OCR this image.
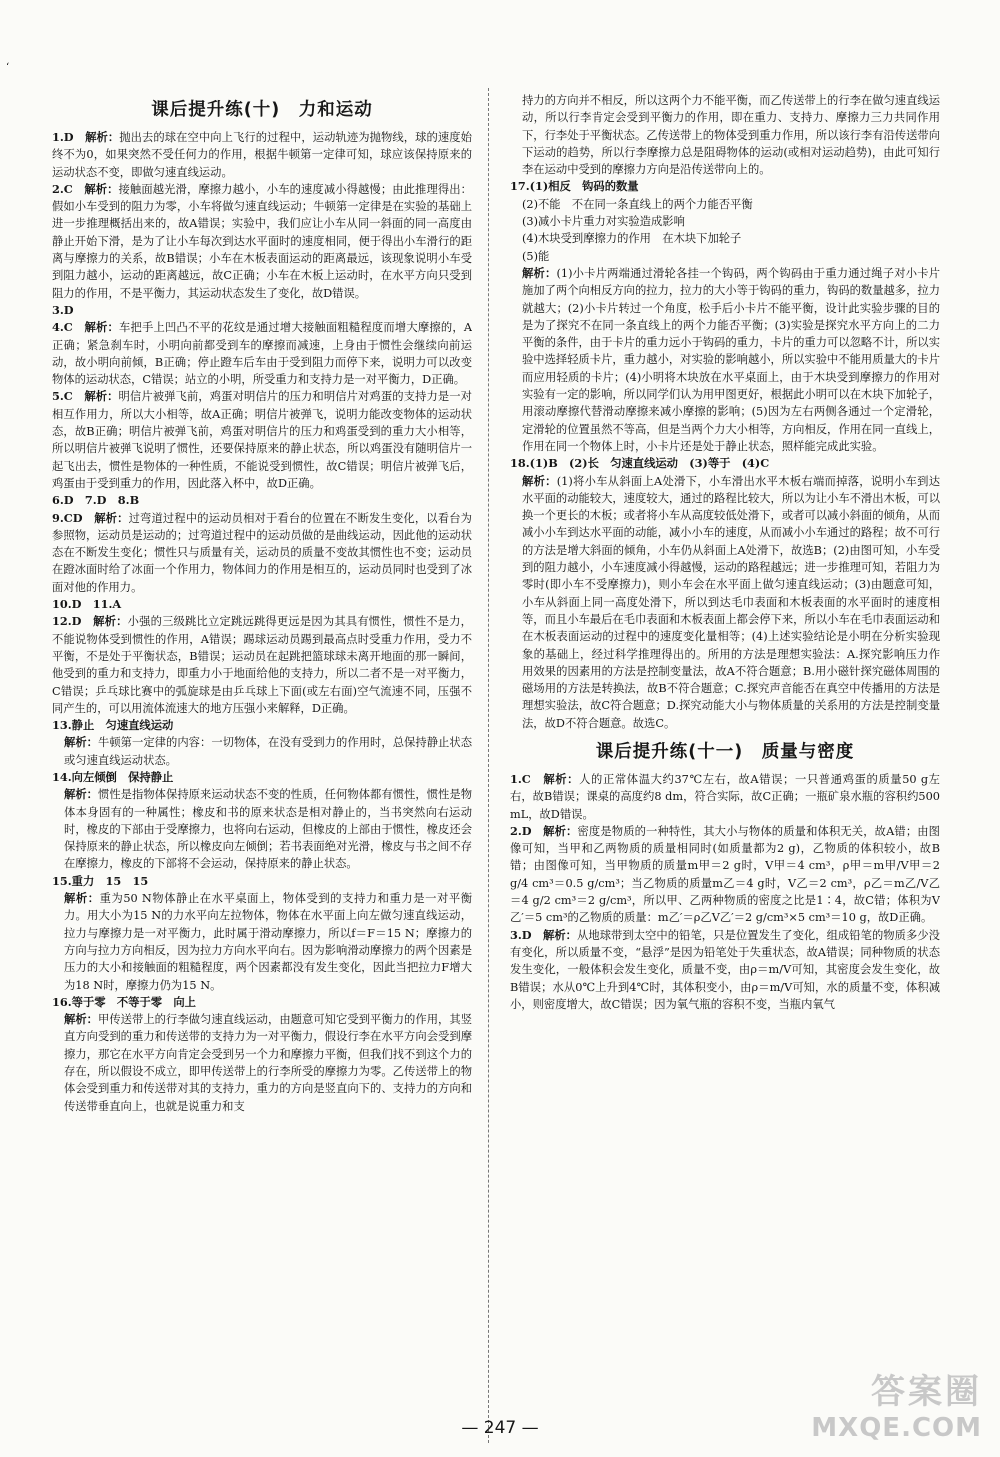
‘
课后提升练(十)　力和运动

1.D　 解析：抛出去的球在空中向上飞行的过程中，运动轨迹为抛物线，球的速度始终不为0，如果突然不受任何力的作用，根据牛顿第一定律可知，球应该保持原来的运动状态不变，即做匀速直线运动。

2.C　 解析：接触面越光滑，摩擦力越小，小车的速度减小得越慢；由此推理得出：假如小车受到的阻力为零，小车将做匀速直线运动；牛顿第一定律是在实验的基础上进一步推理概括出来的，故A错误；实验中，我们应让小车从同一斜面的同一高度由静止开始下滑，是为了让小车每次到达水平面时的速度相同，便于得出小车滑行的距离与摩擦力的关系，故B错误；小车在木板表面运动的距离最远，该现象说明小车受到阻力越小，运动的距离越远，故C正确；小车在木板上运动时，在水平方向只受到阻力的作用，不是平衡力，其运动状态发生了变化，故D错误。

3.D

4.C　 解析：车把手上凹凸不平的花纹是通过增大接触面粗糙程度而增大摩擦的，A正确；紧急刹车时，小明向前都受到车的摩擦而减速，上身由于惯性会继续向前运动，故小明向前倾，B正确；停止蹬车后车由于受到阻力而停下来，说明力可以改变物体的运动状态，C错误；站立的小明，所受重力和支持力是一对平衡力，D正确。

5.C　 解析：明信片被弹飞前，鸡蛋对明信片的压力和明信片对鸡蛋的支持力是一对相互作用力，所以大小相等，故A正确；明信片被弹飞，说明力能改变物体的运动状态，故B正确；明信片被弹飞前，鸡蛋对明信片的压力和鸡蛋受到的重力大小相等，所以明信片被弹飞说明了惯性，还要保持原来的静止状态，所以鸡蛋没有随明信片一起飞出去，惯性是物体的一种性质，不能说受到惯性，故C错误；明信片被弹飞后，鸡蛋由于受到重力的作用，因此落入杯中，故D正确。

6.D　7.D　8.B

9.CD　 解析：过弯道过程中的运动员相对于看台的位置在不断发生变化，以看台为参照物，运动员是运动的；过弯道过程中的运动员做的是曲线运动，因此他的运动状态在不断发生变化；惯性只与质量有关，运动员的质量不变故其惯性也不变；运动员在蹬冰面时给了冰面一个作用力，物体间力的作用是相互的，运动员同时也受到了冰面对他的作用力。

10.D　11.A

12.D　 解析：小强的三级跳比立定跳远跳得更远是因为其具有惯性，惯性不是力，不能说物体受到惯性的作用，A错误；踢球运动员踢到最高点时受重力作用，受力不平衡，不是处于平衡状态，B错误；运动员在起跳把篮球球未离开地面的那一瞬间，他受到的重力和支持力，即重力小于地面给他的支持力，所以二者不是一对平衡力，C错误；乒乓球比赛中的弧旋球是由乒乓球上下面(或左右面)空气流速不同，压强不同产生的，可以用流体流速大的地方压强小来解释，D正确。

13.静止　匀速直线运动

解析：牛顿第一定律的内容：一切物体，在没有受到力的作用时，总保持静止状态或匀速直线运动状态。

14.向左倾倒　保持静止

解析：惯性是指物体保持原来运动状态不变的性质，任何物体都有惯性，惯性是物体本身固有的一种属性；橡皮和书的原来状态是相对静止的，当书突然向右运动时，橡皮的下部由于受摩擦力，也将向右运动，但橡皮的上部由于惯性，橡皮还会保持原来的静止状态，所以橡皮向左倾倒；若书表面绝对光滑，橡皮与书之间不存在摩擦力，橡皮的下部将不会运动，保持原来的静止状态。

15.重力　15　15

解析：重为50 N物体静止在水平桌面上，物体受到的支持力和重力是一对平衡力。用大小为15 N的力水平向左拉物体，物体在水平面上向左做匀速直线运动，拉力与摩擦力是一对平衡力，此时属于滑动摩擦力，所以f＝F＝15 N；摩擦力的方向与拉力方向相反，因为拉力方向水平向右。因为影响滑动摩擦力的两个因素是压力的大小和接触面的粗糙程度，两个因素都没有发生变化，因此当把拉力F增大为18 N时，摩擦力仍为15 N。

16.等于零　不等于零　向上

解析：甲传送带上的行李做匀速直线运动，由题意可知它受到平衡力的作用，其竖直方向受到的重力和传送带的支持力为一对平衡力，假设行李在水平方向会受到摩擦力，那它在水平方向肯定会受到另一个力和摩擦力平衡，但我们找不到这个力的存在，所以假设不成立，即甲传送带上的行李所受的摩擦力为零。乙传送带上的物体会受到重力和传送带对其的支持力，重力的方向是竖直向下的、支持力的方向和传送带垂直向上，也就是说重力和支

持力的方向并不相反，所以这两个力不能平衡，而乙传送带上的行李在做匀速直线运动，所以行李肯定会受到平衡力的作用，即在重力、支持力、摩擦力三力共同作用下，行李处于平衡状态。乙传送带上的物体受到重力作用，所以该行李有沿传送带向下运动的趋势，所以行李摩擦力总是阻碍物体的运动(或相对运动趋势)，由此可知行李在运动中受到的摩擦力方向是沿传送带向上的。

17.(1)相反　钩码的数量

(2)不能　不在同一条直线上的两个力能否平衡

(3)减小卡片重力对实验造成影响

(4)木块受到摩擦力的作用　在木块下加轮子

(5)能

解析：(1)小卡片两端通过滑轮各挂一个钩码，两个钩码由于重力通过绳子对小卡片施加了两个向相反方向的拉力，拉力的大小等于钩码的重力，钩码的数量越多，拉力就越大；(2)小卡片转过一个角度，松手后小卡片不能平衡，设计此实验步骤的目的是为了探究不在同一条直线上的两个力能否平衡；(3)实验是探究水平方向上的二力平衡的条件，由于卡片的重力远小于钩码的重力，卡片的重力可以忽略不计，所以实验中选择轻质卡片，重力越小，对实验的影响越小，所以实验中不能用质量大的卡片而应用轻质的卡片；(4)小明将木块放在水平桌面上，由于木块受到摩擦力的作用对实验有一定的影响，所以同学们认为用甲图更好，根据此小明可以在木块下加轮子，用滚动摩擦代替滑动摩擦来减小摩擦的影响；(5)因为左右两侧各通过一个定滑轮，定滑轮的位置虽然不等高，但是当两个力大小相等，方向相反，作用在同一直线上，作用在同一个物体上时，小卡片还是处于静止状态，照样能完成此实验。

18.(1)B　(2)长　匀速直线运动　(3)等于　(4)C

解析：(1)将小车从斜面上A处滑下，小车滑出水平木板右端而掉落，说明小车到达水平面的动能较大，速度较大，通过的路程比较大，所以为让小车不滑出木板，可以换一个更长的木板；或者将小车从高度较低处滑下，或者可以减小斜面的倾角，从而减小小车到达水平面的动能，减小小车的速度，从而减小小车通过的路程；故不可行的方法是增大斜面的倾角，小车仍从斜面上A处滑下，故选B；(2)由图可知，小车受到的阻力越小，小车速度减小得越慢，运动的路程越远；进一步推理可知，若阻力为零时(即小车不受摩擦力)，则小车会在水平面上做匀速直线运动；(3)由题意可知，小车从斜面上同一高度处滑下，所以到达毛巾表面和木板表面的水平面时的速度相等，而且小车最后在毛巾表面和木板表面上都会停下来，所以小车在毛巾表面运动和在木板表面运动的过程中的速度变化量相等；(4)上述实验结论是小明在分析实验现象的基础上，经过科学推理得出的。所用的方法是理想实验法：A.探究影响压力作用效果的因素用的方法是控制变量法，故A不符合题意；B.用小磁针探究磁体周围的磁场用的方法是转换法，故B不符合题意；C.探究声音能否在真空中传播用的方法是理想实验法，故C符合题意；D.探究动能大小与物体质量的关系用的方法是控制变量法，故D不符合题意。故选C。

课后提升练(十一)　质量与密度

1.C　 解析：人的正常体温大约37℃左右，故A错误；一只普通鸡蛋的质量50 g左右，故B错误；课桌的高度约8 dm，符合实际，故C正确；一瓶矿泉水瓶的容积约500 mL，故D错误。

2.D　 解析：密度是物质的一种特性，其大小与物体的质量和体积无关，故A错；由图像可知，当甲和乙两物质的质量相同时(如质量都为2 g)，乙物质的体积较小，故B错；由图像可知，当甲物质的质量m甲＝2 g时，V甲＝4 cm³，ρ甲＝m甲/V甲＝2 g/4 cm³＝0.5 g/cm³；当乙物质的质量m乙＝4 g时，V乙＝2 cm³，ρ乙＝m乙/V乙＝4 g/2 cm³＝2 g/cm³，所以甲、乙两种物质的密度之比是1∶4，故C错；体积为V乙′＝5 cm³的乙物质的质量：m乙′＝ρ乙V乙′＝2 g/cm³×5 cm³＝10 g，故D正确。

3.D　 解析：从地球带到太空中的铅笔，只是位置发生了变化，组成铅笔的物质多少没有变化，所以质量不变，“悬浮”是因为铅笔处于失重状态，故A错误；同种物质的状态发生变化，一般体积会发生变化，质量不变，由ρ＝m/V可知，其密度会发生变化，故B错误；水从0℃上升到4℃时，其体积变小，由ρ＝m/V可知，水的质量不变，体积减小，则密度增大，故C错误；因为氧气瓶的容积不变，当瓶内氧气

— 247 —
答案圈
MXQE.COM
